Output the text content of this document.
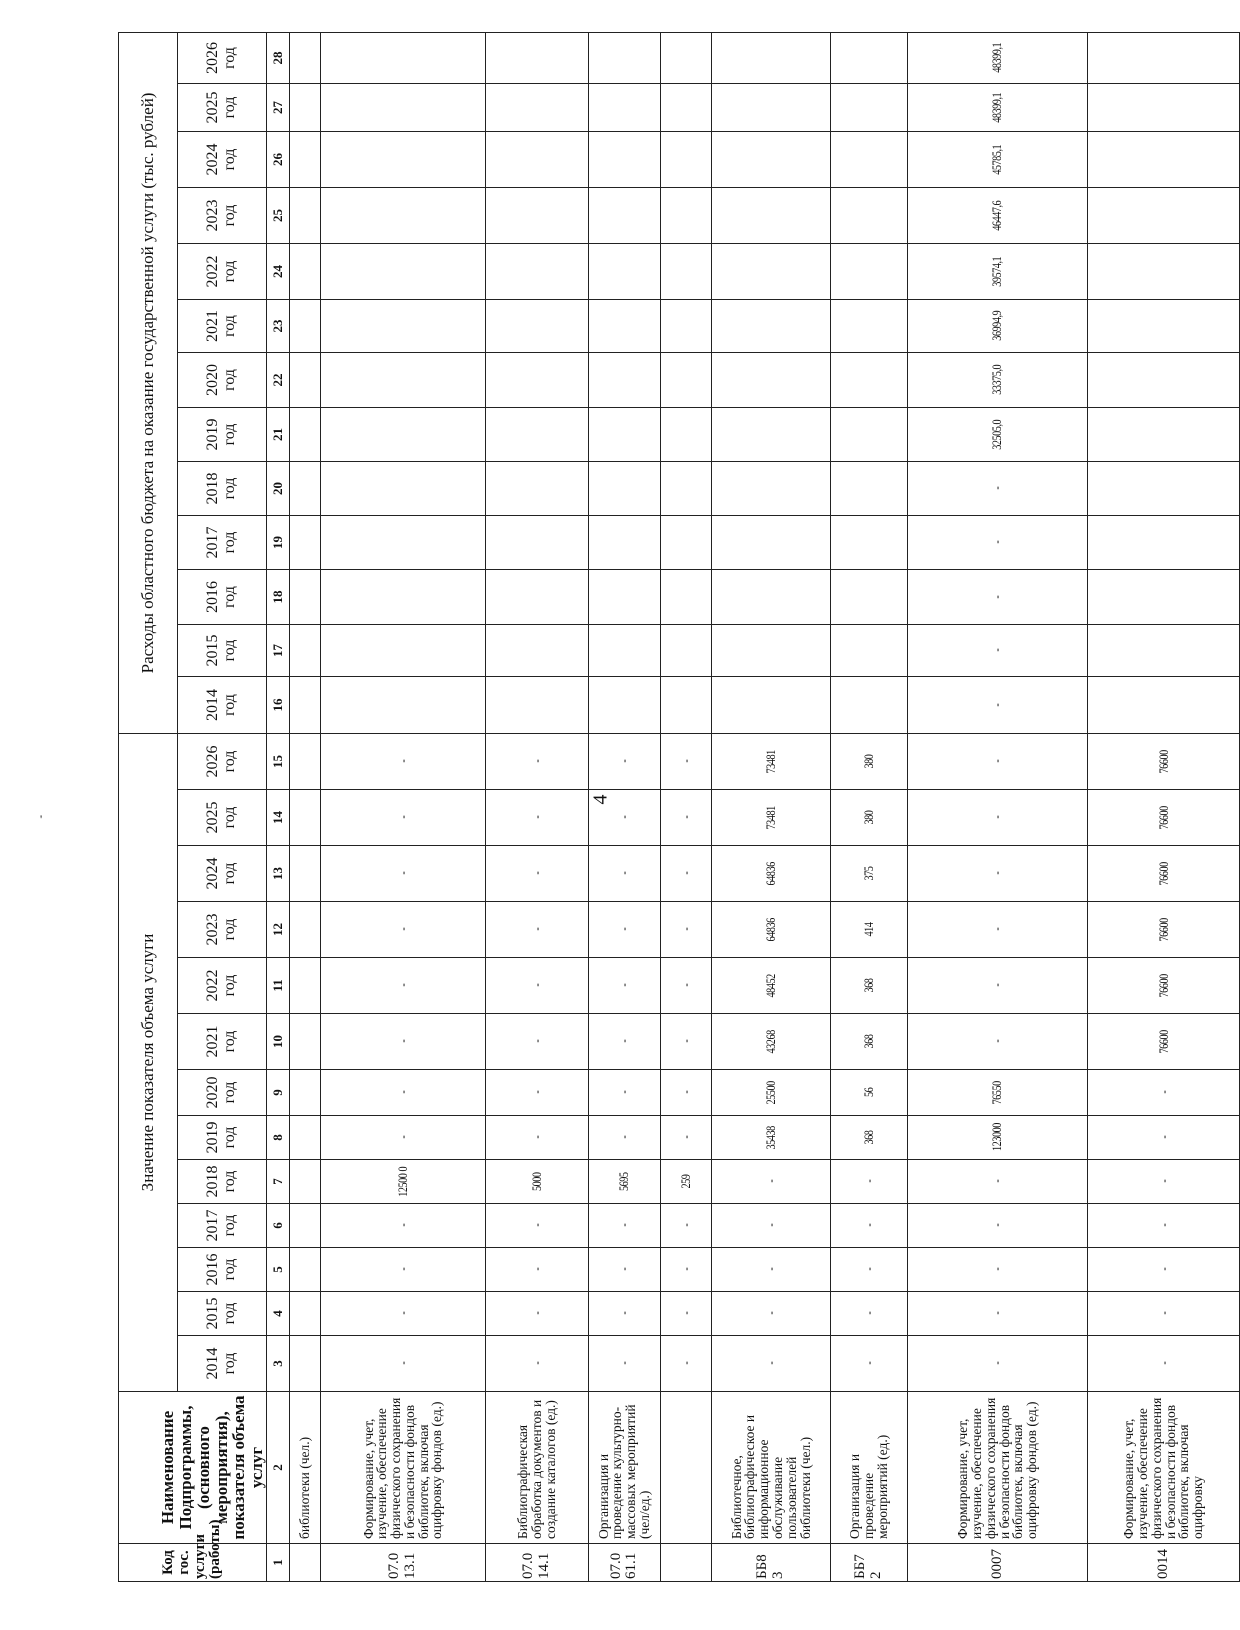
4
'
Код гос. услуги (работы)	Наименование Подпрограммы, (основного мероприятия), показателя объема услуг	Значение показателя объема услуги													Расходы областного бюджета на оказание государственной услуги (тыс. рублей)												
		2014 год	2015 год	2016 год	2017 год	2018 год	2019 год	2020 год	2021 год	2022 год	2023 год	2024 год	2025 год	2026 год	2014 год	2015 год	2016 год	2017 год	2018 год	2019 год	2020 год	2021 год	2022 год	2023 год	2024 год	2025 год	2026 год
1	2	3	4	5	6	7	8	9	10	11	12	13	14	15	16	17	18	19	20	21	22	23	24	25	26	27	28
	библиотеки (чел.)																										
07.0 13.1	Формирование, учет, изучение, обеспечение физического сохранения и безопасности фондов библиотек, включая оцифровку фондов (ед.)	-	-	-	-	12500 0	-	-	-	-	-	-	-	-													
07.0 14.1	Библиографическая обработка документов и создание каталогов (ед.)	-	-	-	-	5000	-	-	-	-	-	-	-	-													
07.0 61.1	Организация и проведение культурно-массовых мероприятий (чел/ед.)	-	-	-	-	5695	-	-	-	-	-	-	-	-													
		-	-	-	-	259	-	-	-	-	-	-	-	-													
ББ8 3	Библиотечное, библиографическое и информационное обслуживание пользователей библиотеки (чел.)	-	-	-	-	-	35438	25500	43268	48452	64836	64836	73481	73481													
ББ7 2	Организация и проведение мероприятий (ед.)	-	-	-	-	-	368	56	368	368	414	375	380	380													
0007	Формирование, учет, изучение, обеспечение физического сохранения и безопасности фондов библиотек, включая оцифровку фондов (ед.)	-	-	-	-	-	123000	76550	-	-	-	-	-	-	-	-	-	-	-	32505,0	33375,0	36994,9	39574,1	46447,6	45785,1	48399,1	48399,1
0014	Формирование, учет, изучение, обеспечение физического сохранения и безопасности фондов библиотек, включая оцифровку	-	-	-	-	-	-	-	76600	76600	76600	76600	76600	76600													
